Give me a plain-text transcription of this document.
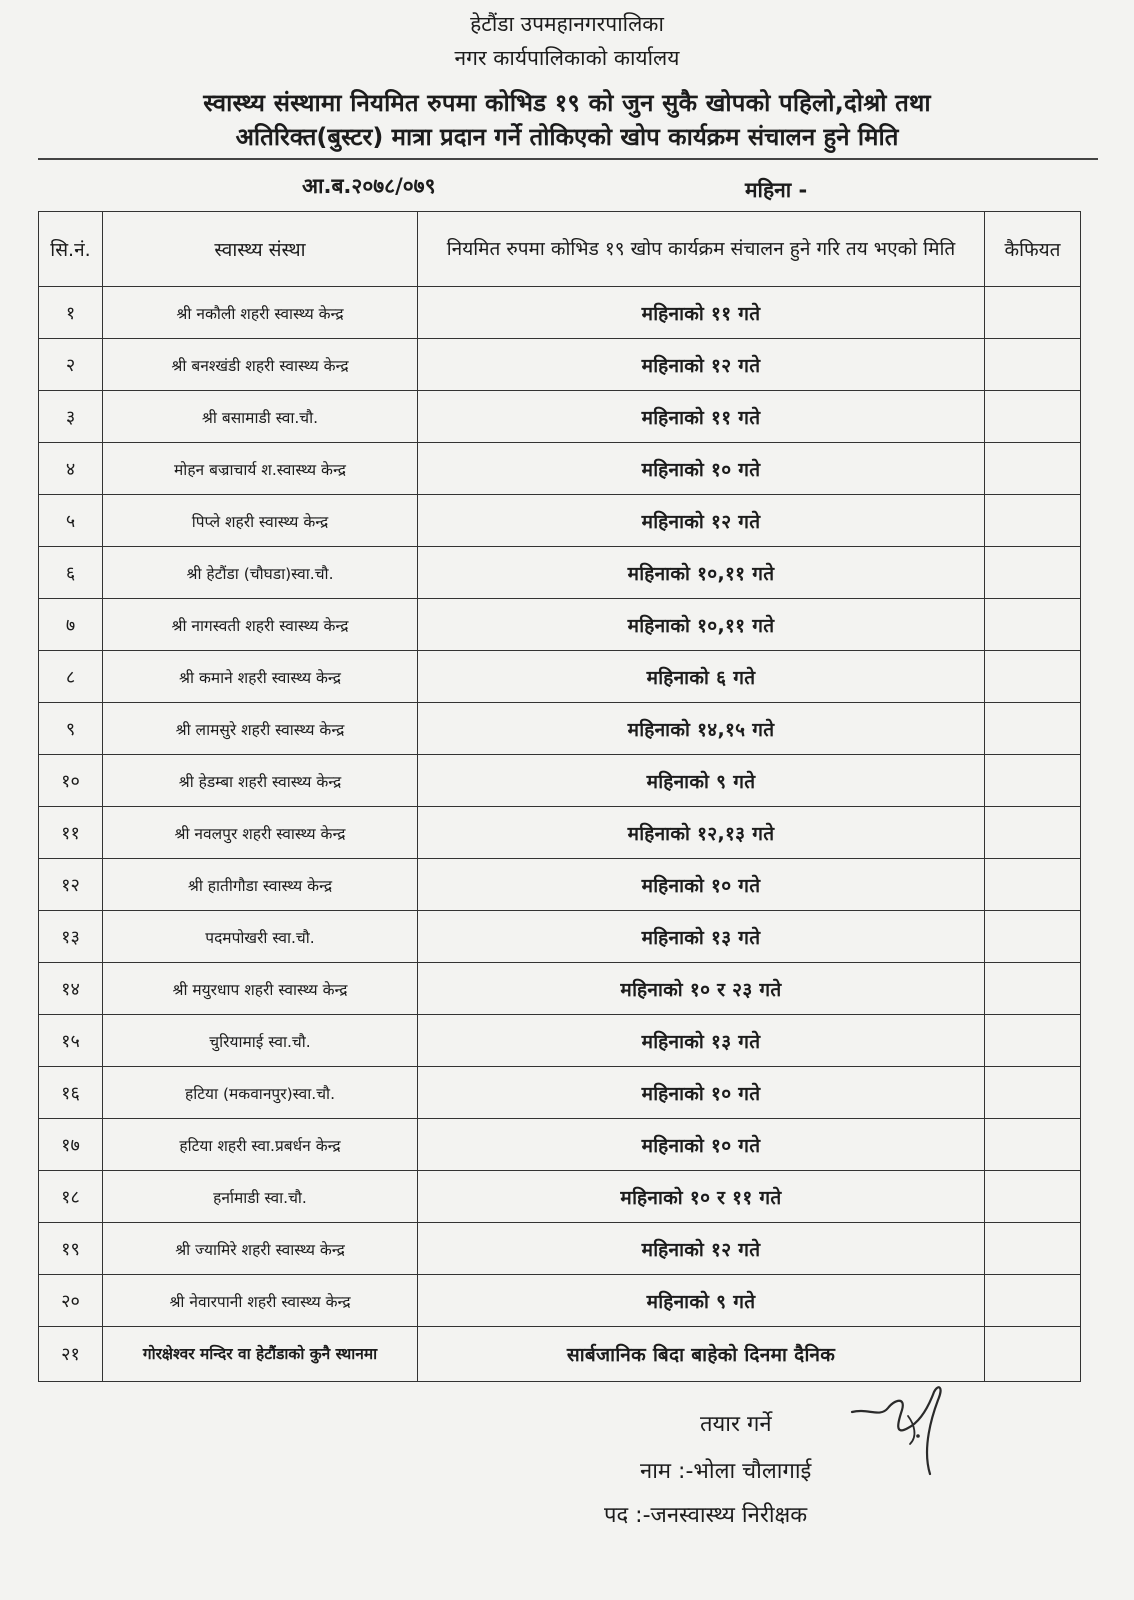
हेटौंडा उपमहानगरपालिका
नगर कार्यपालिकाको कार्यालय
स्वास्थ्य संस्थामा नियमित रुपमा कोभिड १९ को जुन सुकै खोपको पहिलो,दोश्रो तथा
अतिरिक्त(बुस्टर) मात्रा प्रदान गर्ने तोकिएको खोप कार्यक्रम संचालन हुने मिति
आ.ब.२०७८/०७९	महिना -
सि.नं.	स्वास्थ्य संस्था	नियमित रुपमा कोभिड १९ खोप कार्यक्रम संचालन हुने गरि तय भएको मिति	कैफियत
१	श्री नकौली शहरी स्वास्थ्य केन्द्र	महिनाको ११ गते	
२	श्री बनश्खंडी शहरी स्वास्थ्य केन्द्र	महिनाको १२ गते	
३	श्री बसामाडी स्वा.चौ.	महिनाको ११ गते	
४	मोहन बज्राचार्य श.स्वास्थ्य केन्द्र	महिनाको १० गते	
५	पिप्ले शहरी स्वास्थ्य केन्द्र	महिनाको १२ गते	
६	श्री हेटौंडा (चौघडा)स्वा.चौ.	महिनाको १०,११ गते	
७	श्री नागस्वती शहरी स्वास्थ्य केन्द्र	महिनाको १०,११ गते	
८	श्री कमाने शहरी स्वास्थ्य केन्द्र	महिनाको ६ गते	
९	श्री लामसुरे शहरी स्वास्थ्य केन्द्र	महिनाको १४,१५ गते	
१०	श्री हेडम्बा शहरी स्वास्थ्य केन्द्र	महिनाको ९ गते	
११	श्री नवलपुर शहरी स्वास्थ्य केन्द्र	महिनाको १२,१३ गते	
१२	श्री हातीगौडा स्वास्थ्य केन्द्र	महिनाको १० गते	
१३	पदमपोखरी स्वा.चौ.	महिनाको १३ गते	
१४	श्री मयुरधाप शहरी स्वास्थ्य केन्द्र	महिनाको १० र २३ गते	
१५	चुरियामाई स्वा.चौ.	महिनाको १३ गते	
१६	हटिया (मकवानपुर)स्वा.चौ.	महिनाको १० गते	
१७	हटिया शहरी स्वा.प्रबर्धन केन्द्र	महिनाको १० गते	
१८	हर्नामाडी स्वा.चौ.	महिनाको १० र ११ गते	
१९	श्री ज्यामिरे शहरी स्वास्थ्य केन्द्र	महिनाको १२ गते	
२०	श्री नेवारपानी शहरी स्वास्थ्य केन्द्र	महिनाको ९ गते	
२१	गोरक्षेश्वर मन्दिर वा हेटौंडाको कुनै स्थानमा	सार्बजानिक बिदा बाहेको दिनमा दैनिक	
तयार गर्ने
नाम :-भोला चौलागाई
पद :-जनस्वास्थ्य निरीक्षक
